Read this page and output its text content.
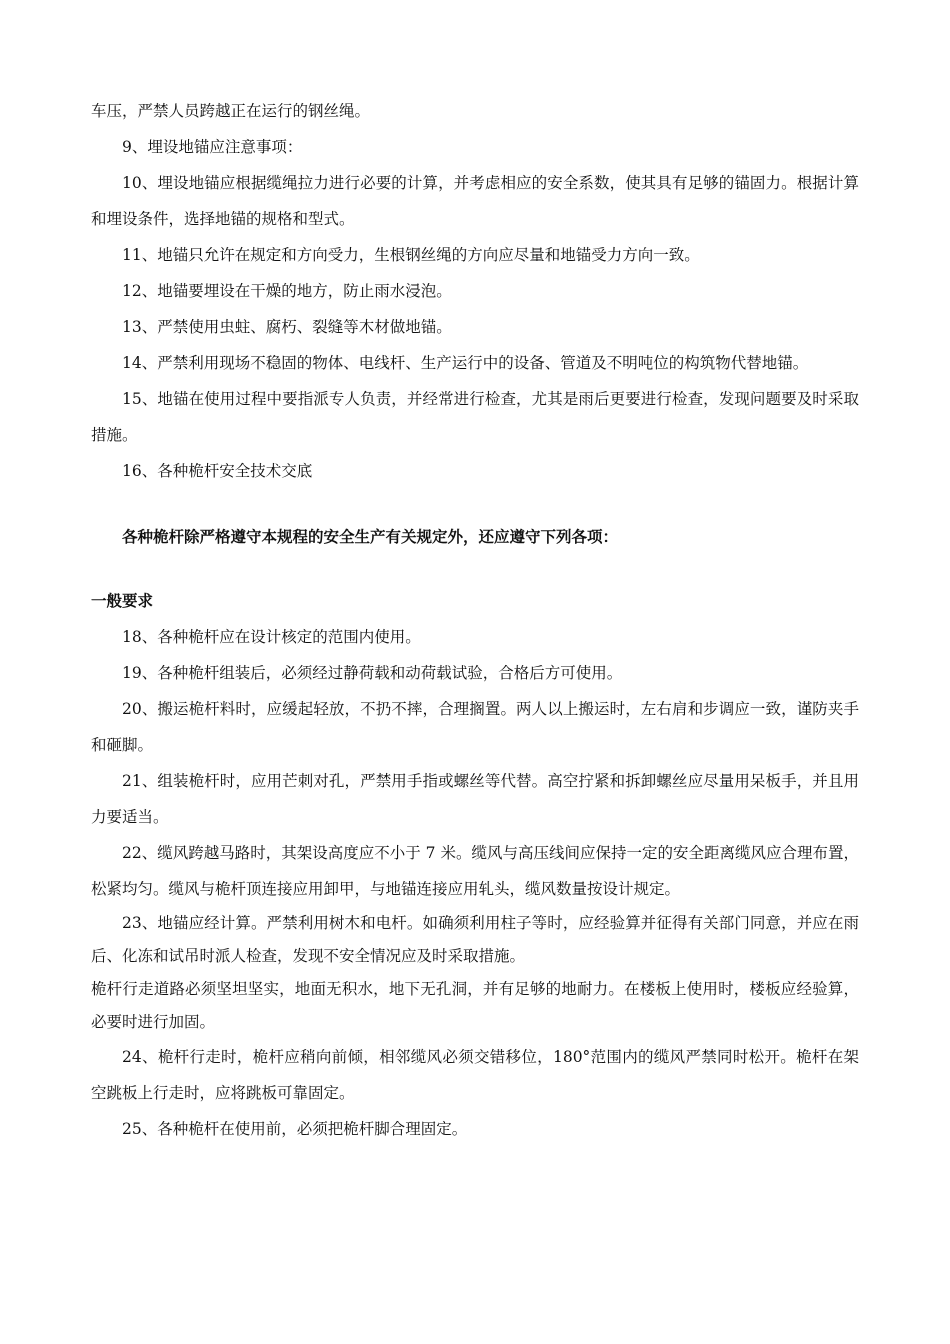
车压，严禁人员跨越正在运行的钢丝绳。

9、埋设地锚应注意事项：

10、埋设地锚应根据缆绳拉力进行必要的计算，并考虑相应的安全系数，使其具有足够的锚固力。根据计算和埋设条件，选择地锚的规格和型式。

11、地锚只允许在规定和方向受力，生根钢丝绳的方向应尽量和地锚受力方向一致。

12、地锚要埋设在干燥的地方，防止雨水浸泡。

13、严禁使用虫蛀、腐朽、裂缝等木材做地锚。

14、严禁利用现场不稳固的物体、电线杆、生产运行中的设备、管道及不明吨位的构筑物代替地锚。

15、地锚在使用过程中要指派专人负责，并经常进行检查，尤其是雨后更要进行检查，发现问题要及时采取措施。

16、各种桅杆安全技术交底

各种桅杆除严格遵守本规程的安全生产有关规定外，还应遵守下列各项：

一般要求

18、各种桅杆应在设计核定的范围内使用。

19、各种桅杆组装后，必须经过静荷载和动荷载试验，合格后方可使用。

20、搬运桅杆料时，应缓起轻放，不扔不摔，合理搁置。两人以上搬运时，左右肩和步调应一致，谨防夹手和砸脚。

21、组装桅杆时，应用芒刺对孔，严禁用手指或螺丝等代替。高空拧紧和拆卸螺丝应尽量用呆板手，并且用力要适当。

22、缆风跨越马路时，其架设高度应不小于 7 米。缆风与高压线间应保持一定的安全距离缆风应合理布置，松紧均匀。缆风与桅杆顶连接应用卸甲，与地锚连接应用轧头，缆风数量按设计规定。

23、地锚应经计算。严禁利用树木和电杆。如确须利用柱子等时，应经验算并征得有关部门同意，并应在雨后、化冻和试吊时派人检查，发现不安全情况应及时采取措施。

桅杆行走道路必须坚坦坚实，地面无积水，地下无孔洞，并有足够的地耐力。在楼板上使用时，楼板应经验算，必要时进行加固。

24、桅杆行走时，桅杆应稍向前倾，相邻缆风必须交错移位，180°范围内的缆风严禁同时松开。桅杆在架空跳板上行走时，应将跳板可靠固定。

25、各种桅杆在使用前，必须把桅杆脚合理固定。
